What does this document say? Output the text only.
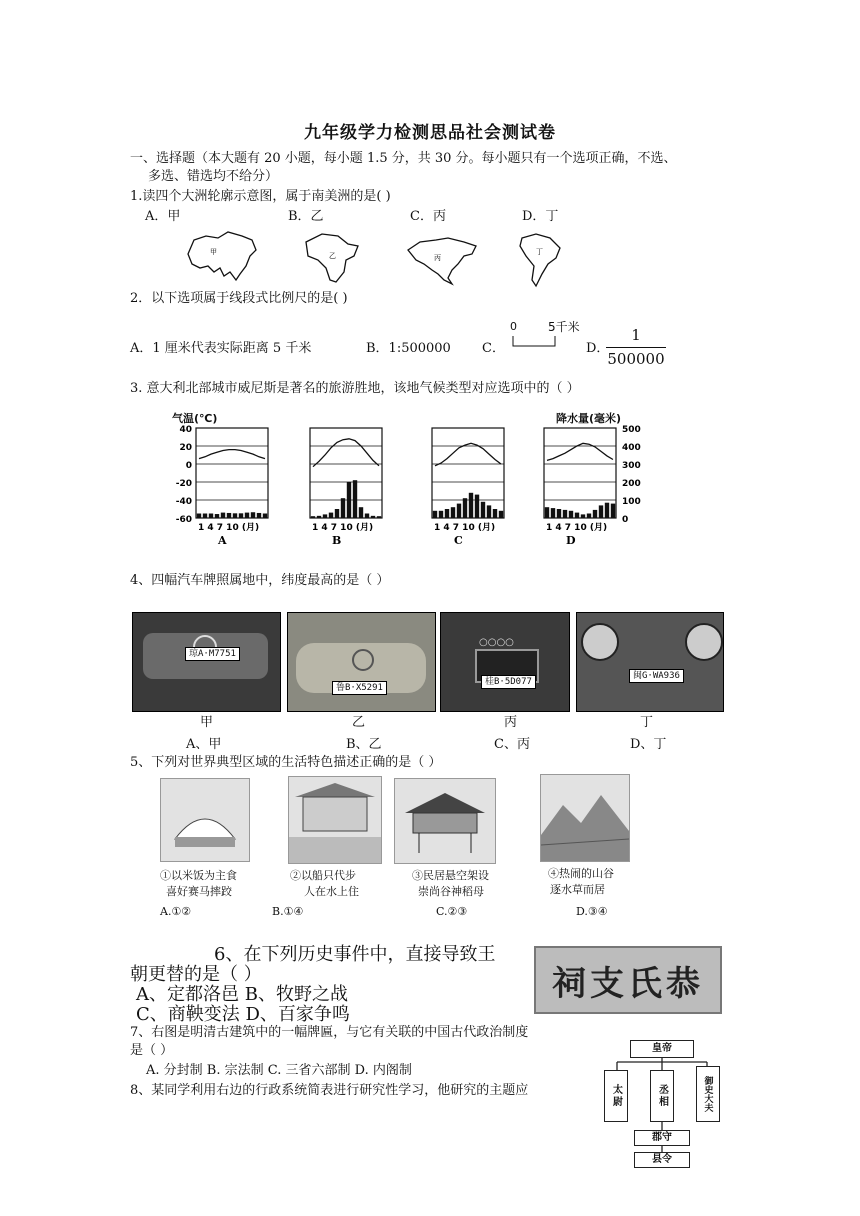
九年级学力检测思品社会测试卷
一、选择题（本大题有 20 小题，每小题 1.5 分，共 30 分。每小题只有一个选项正确，不选、
多选、错选均不给分）
1.读四个大洲轮廓示意图，属于南美洲的是( )
A．甲	B．乙	C．丙	D．丁
甲	乙	丙
丁
2．以下选项属于线段式比例尺的是( )
A．1 厘米代表实际距离 5 千米	B．1:500000 C．
0	5千米
D．
1
500000
3. 意大利北部城市威尼斯是著名的旅游胜地，该地气候类型对应选项中的（ ）
气温(℃)	降水量(毫米)
40
20
0
-20
-40
-60
500
400
300
200
100
0
1 4 7 10 (月)
A
1 4 7 10 (月)
B
1 4 7 10 (月)
C
1 4 7 10 (月)
D
4、四幅汽车牌照属地中，纬度最高的是（ ）
琼A·M7751
鲁B·X5291
○○○○
桂B·5D077
闽G·WA936
甲	乙	丙	丁
A、甲	B、乙	C、丙	D、丁
5、下列对世界典型区域的生活特色描述正确的是（ ）
①以米饭为主食
喜好赛马摔跤
②以船只代步
人在水上住
③民居悬空架设
崇尚谷神稻母
④热闹的山谷
逐水草而居
A.①②	B.①④	C.②③	D.③④
6、在下列历史事件中，直接导致王
朝更替的是（ ）
A、定都洛邑 B、牧野之战
C、商鞅变法 D、百家争鸣
祠支氏恭
7、右图是明清古建筑中的一幅牌匾，与它有关联的中国古代政治制度
是（ ）
A. 分封制 B. 宗法制 C. 三省六部制 D. 内阁制
8、某同学利用右边的行政系统简表进行研究性学习，他研究的主题应
皇帝
太尉	丞相	御史大夫
郡守
县令
